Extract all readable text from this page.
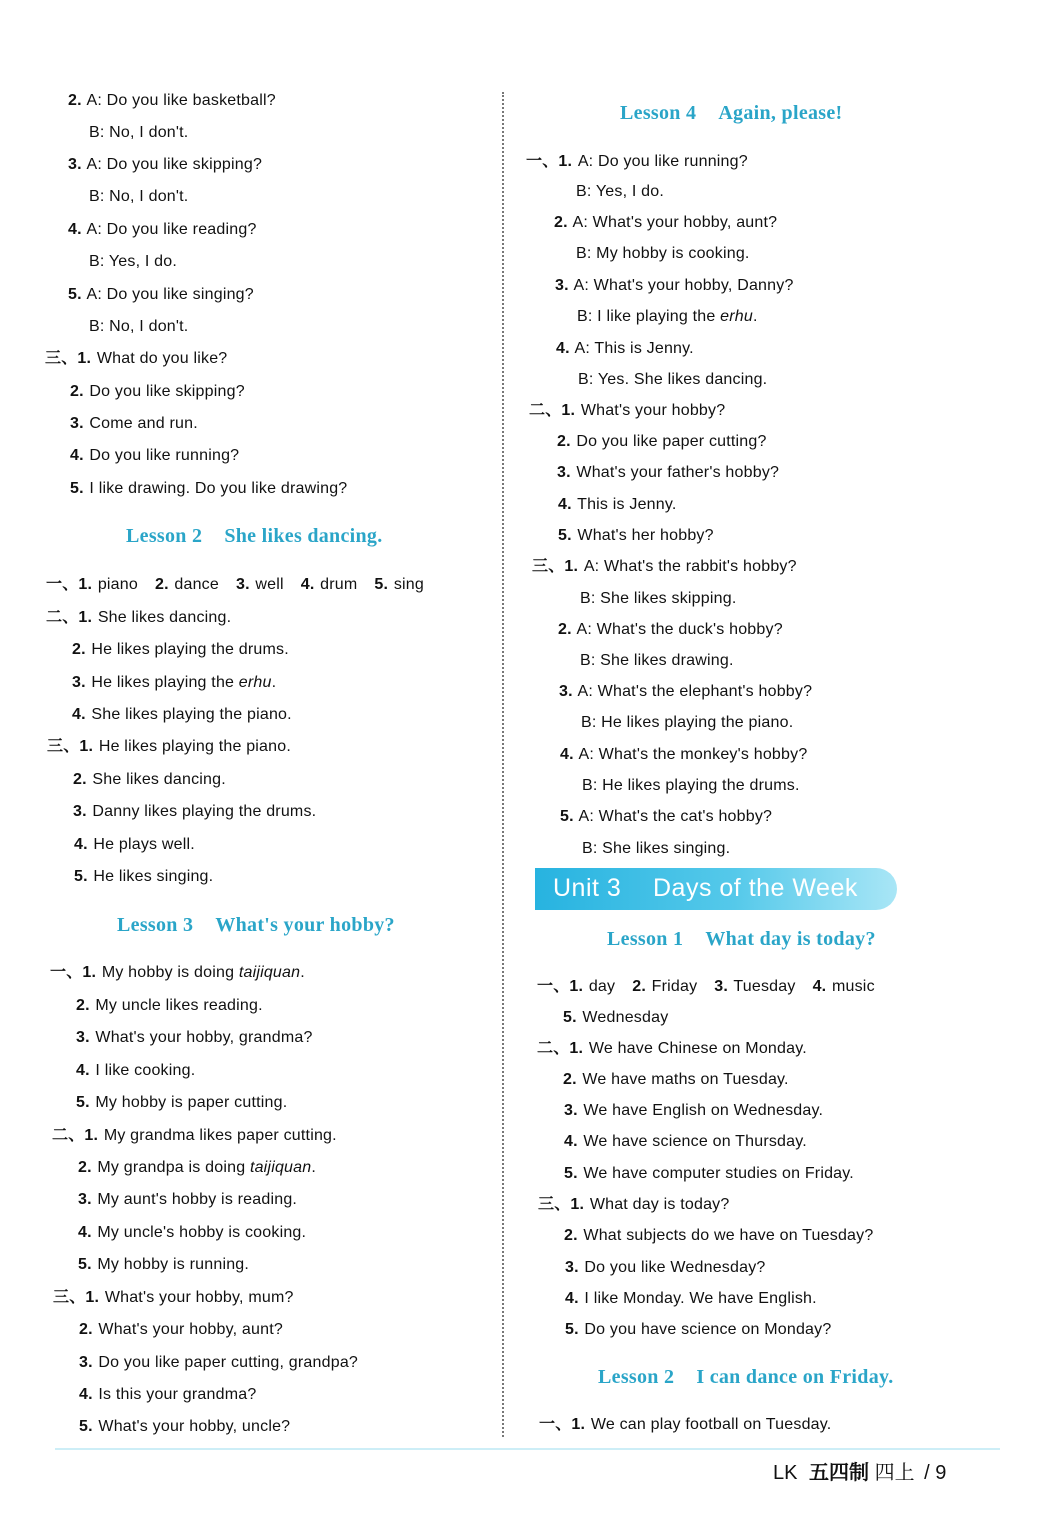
Unit 3 Days of the Week
LK 五四制 四上 / 9
2. A: Do you like basketball?
B: No, I don't.
3. A: Do you like skipping?
B: No, I don't.
4. A: Do you like reading?
B: Yes, I do.
5. A: Do you like singing?
B: No, I don't.
三、1. What do you like?
2. Do you like skipping?
3. Come and run.
4. Do you like running?
5. I like drawing. Do you like drawing?
一、1. piano 2. dance 3. well 4. drum 5. sing
二、1. She likes dancing.
2. He likes playing the drums.
3. He likes playing the erhu.
4. She likes playing the piano.
三、1. He likes playing the piano.
2. She likes dancing.
3. Danny likes playing the drums.
4. He plays well.
5. He likes singing.
一、1. My hobby is doing taijiquan.
2. My uncle likes reading.
3. What's your hobby, grandma?
4. I like cooking.
5. My hobby is paper cutting.
二、1. My grandma likes paper cutting.
2. My grandpa is doing taijiquan.
3. My aunt's hobby is reading.
4. My uncle's hobby is cooking.
5. My hobby is running.
三、1. What's your hobby, mum?
2. What's your hobby, aunt?
3. Do you like paper cutting, grandpa?
4. Is this your grandma?
5. What's your hobby, uncle?
Lesson 2 She likes dancing.
Lesson 3 What's your hobby?
一、1. A: Do you like running?
B: Yes, I do.
2. A: What's your hobby, aunt?
B: My hobby is cooking.
3. A: What's your hobby, Danny?
B: I like playing the erhu.
4. A: This is Jenny.
B: Yes. She likes dancing.
二、1. What's your hobby?
2. Do you like paper cutting?
3. What's your father's hobby?
4. This is Jenny.
5. What's her hobby?
三、1. A: What's the rabbit's hobby?
B: She likes skipping.
2. A: What's the duck's hobby?
B: She likes drawing.
3. A: What's the elephant's hobby?
B: He likes playing the piano.
4. A: What's the monkey's hobby?
B: He likes playing the drums.
5. A: What's the cat's hobby?
B: She likes singing.
一、1. day 2. Friday 3. Tuesday 4. music
5. Wednesday
二、1. We have Chinese on Monday.
2. We have maths on Tuesday.
3. We have English on Wednesday.
4. We have science on Thursday.
5. We have computer studies on Friday.
三、1. What day is today?
2. What subjects do we have on Tuesday?
3. Do you like Wednesday?
4. I like Monday. We have English.
5. Do you have science on Monday?
一、1. We can play football on Tuesday.
Lesson 4 Again, please!
Lesson 1 What day is today?
Lesson 2 I can dance on Friday.
